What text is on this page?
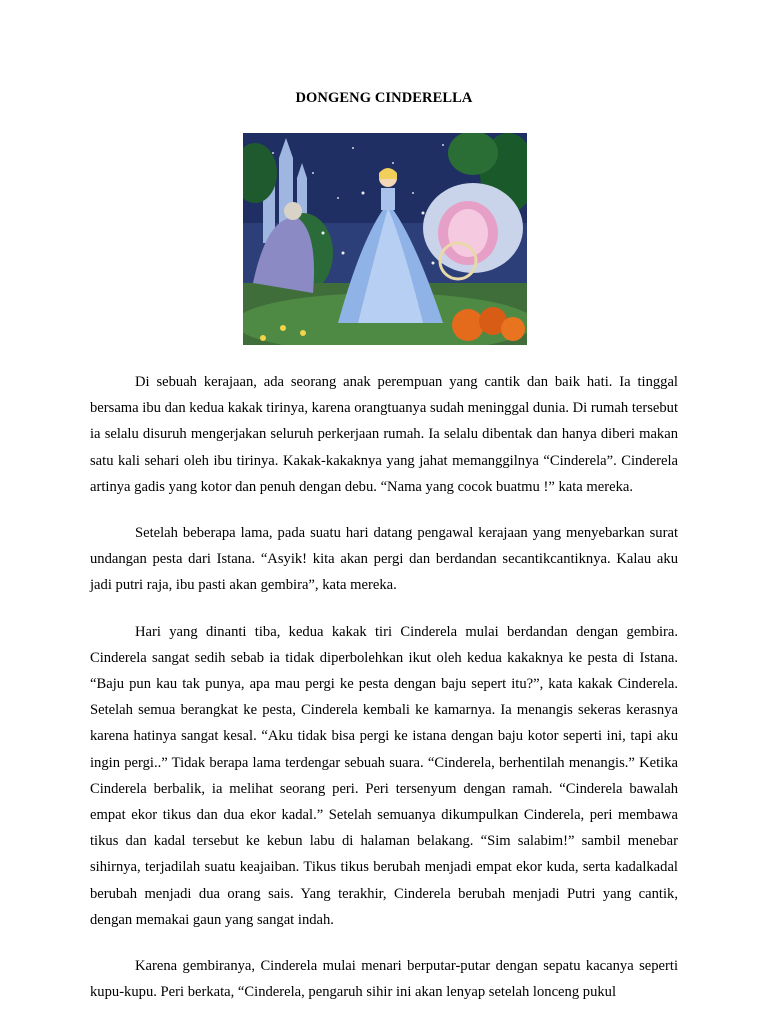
DONGENG CINDERELLA

Di sebuah kerajaan, ada seorang anak perempuan yang cantik dan baik hati. Ia tinggal bersama ibu dan kedua kakak tirinya, karena orangtuanya sudah meninggal dunia. Di rumah tersebut ia selalu disuruh mengerjakan seluruh perkerjaan rumah. Ia selalu dibentak dan hanya diberi makan satu kali sehari oleh ibu tirinya. Kakak-kakaknya yang jahat memanggilnya “Cinderela”. Cinderela artinya gadis yang kotor dan penuh dengan debu. “Nama yang cocok buatmu !” kata mereka.

Setelah beberapa lama, pada suatu hari datang pengawal kerajaan yang menyebarkan surat undangan pesta dari Istana. “Asyik! kita akan pergi dan berdandan secantikcantiknya. Kalau aku jadi putri raja, ibu pasti akan gembira”, kata mereka.

Hari yang dinanti tiba, kedua kakak tiri Cinderela mulai berdandan dengan gembira. Cinderela sangat sedih sebab ia tidak diperbolehkan ikut oleh kedua kakaknya ke pesta di Istana. “Baju pun kau tak punya, apa mau pergi ke pesta dengan baju sepert itu?”, kata kakak Cinderela. Setelah semua berangkat ke pesta, Cinderela kembali ke kamarnya. Ia menangis sekeras kerasnya karena hatinya sangat kesal. “Aku tidak bisa pergi ke istana dengan baju kotor seperti ini, tapi aku ingin pergi..” Tidak berapa lama terdengar sebuah suara. “Cinderela, berhentilah menangis.” Ketika Cinderela berbalik, ia melihat seorang peri. Peri tersenyum dengan ramah. “Cinderela bawalah empat ekor tikus dan dua ekor kadal.” Setelah semuanya dikumpulkan Cinderela, peri membawa tikus dan kadal tersebut ke kebun labu di halaman belakang. “Sim salabim!” sambil menebar sihirnya, terjadilah suatu keajaiban. Tikus tikus berubah menjadi empat ekor kuda, serta kadalkadal berubah menjadi dua orang sais. Yang terakhir, Cinderela berubah menjadi Putri yang cantik, dengan memakai gaun yang sangat indah.

Karena gembiranya, Cinderela mulai menari berputar-putar dengan sepatu kacanya seperti kupu-kupu. Peri berkata, “Cinderela, pengaruh sihir ini akan lenyap setelah lonceng pukul
